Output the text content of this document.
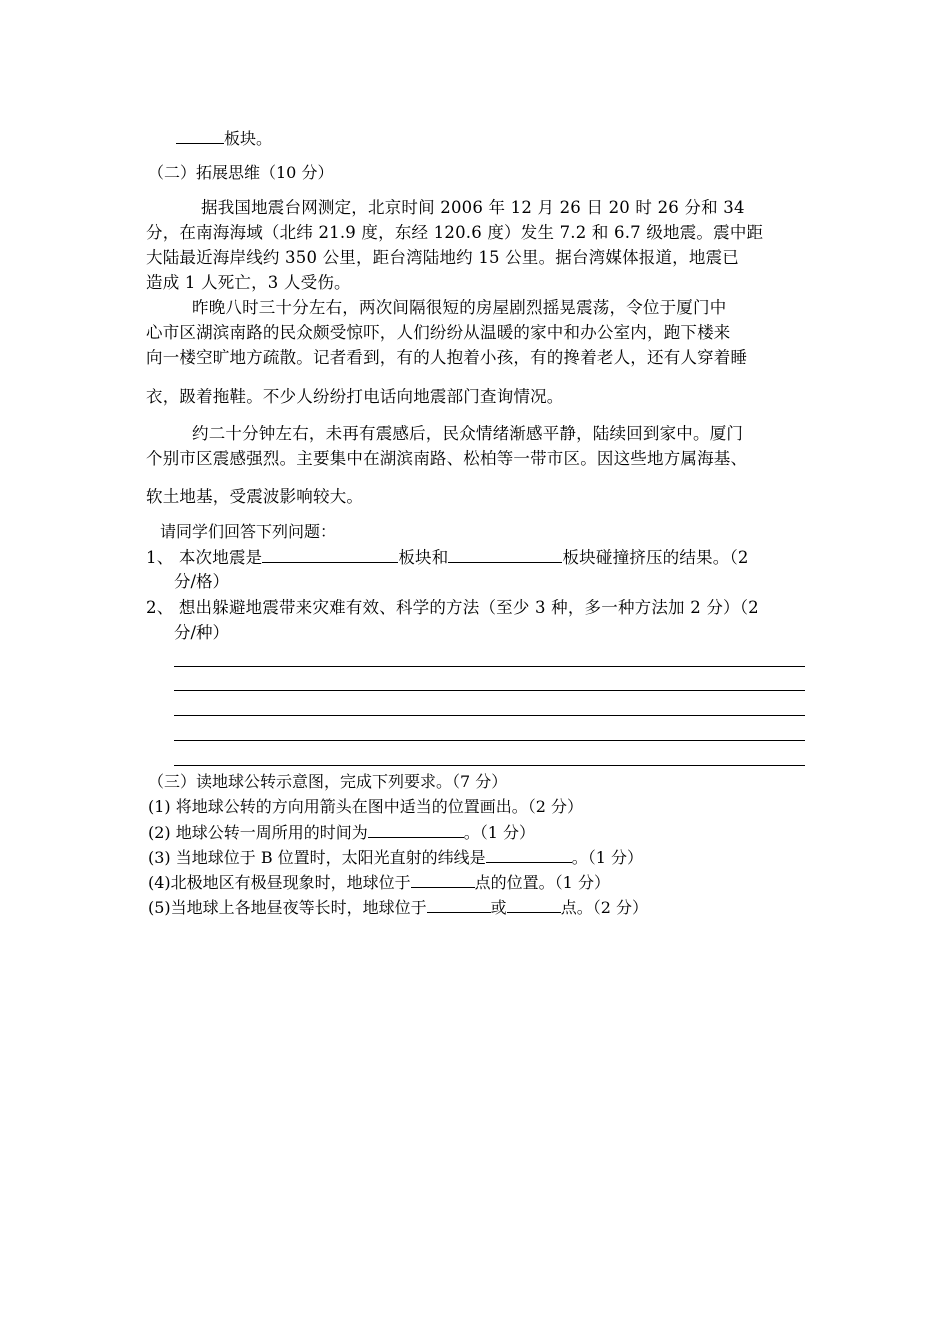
板块。
（二）拓展思维（10 分）
据我国地震台网测定，北京时间 2006 年 12 月 26 日 20 时 26 分和 34
分，在南海海域（北纬 21.9 度，东经 120.6 度）发生 7.2 和 6.7 级地震。震中距
大陆最近海岸线约 350 公里，距台湾陆地约 15 公里。据台湾媒体报道，地震已
造成 1 人死亡，3 人受伤。
昨晚八时三十分左右，两次间隔很短的房屋剧烈摇晃震荡，令位于厦门中
心市区湖滨南路的民众颇受惊吓，人们纷纷从温暖的家中和办公室内，跑下楼来
向一楼空旷地方疏散。记者看到，有的人抱着小孩，有的搀着老人，还有人穿着睡
衣，趿着拖鞋。不少人纷纷打电话向地震部门查询情况。
约二十分钟左右，未再有震感后，民众情绪渐感平静，陆续回到家中。厦门
个别市区震感强烈。主要集中在湖滨南路、松柏等一带市区。因这些地方属海基、
软土地基，受震波影响较大。
请同学们回答下列问题：
1、 本次地震是	板块和	板块碰撞挤压的结果。（2
分/格）
2、 想出躲避地震带来灾难有效、科学的方法（至少 3 种，多一种方法加 2 分）（2
分/种）
（三）读地球公转示意图，完成下列要求。（7 分）
(1) 将地球公转的方向用箭头在图中适当的位置画出。（2 分）
(2) 地球公转一周所用的时间为	。（1 分）
(3) 当地球位于 B 位置时，太阳光直射的纬线是	。（1 分）
(4)北极地区有极昼现象时，地球位于	点的位置。（1 分）
(5)当地球上各地昼夜等长时，地球位于	或	点。（2 分）
